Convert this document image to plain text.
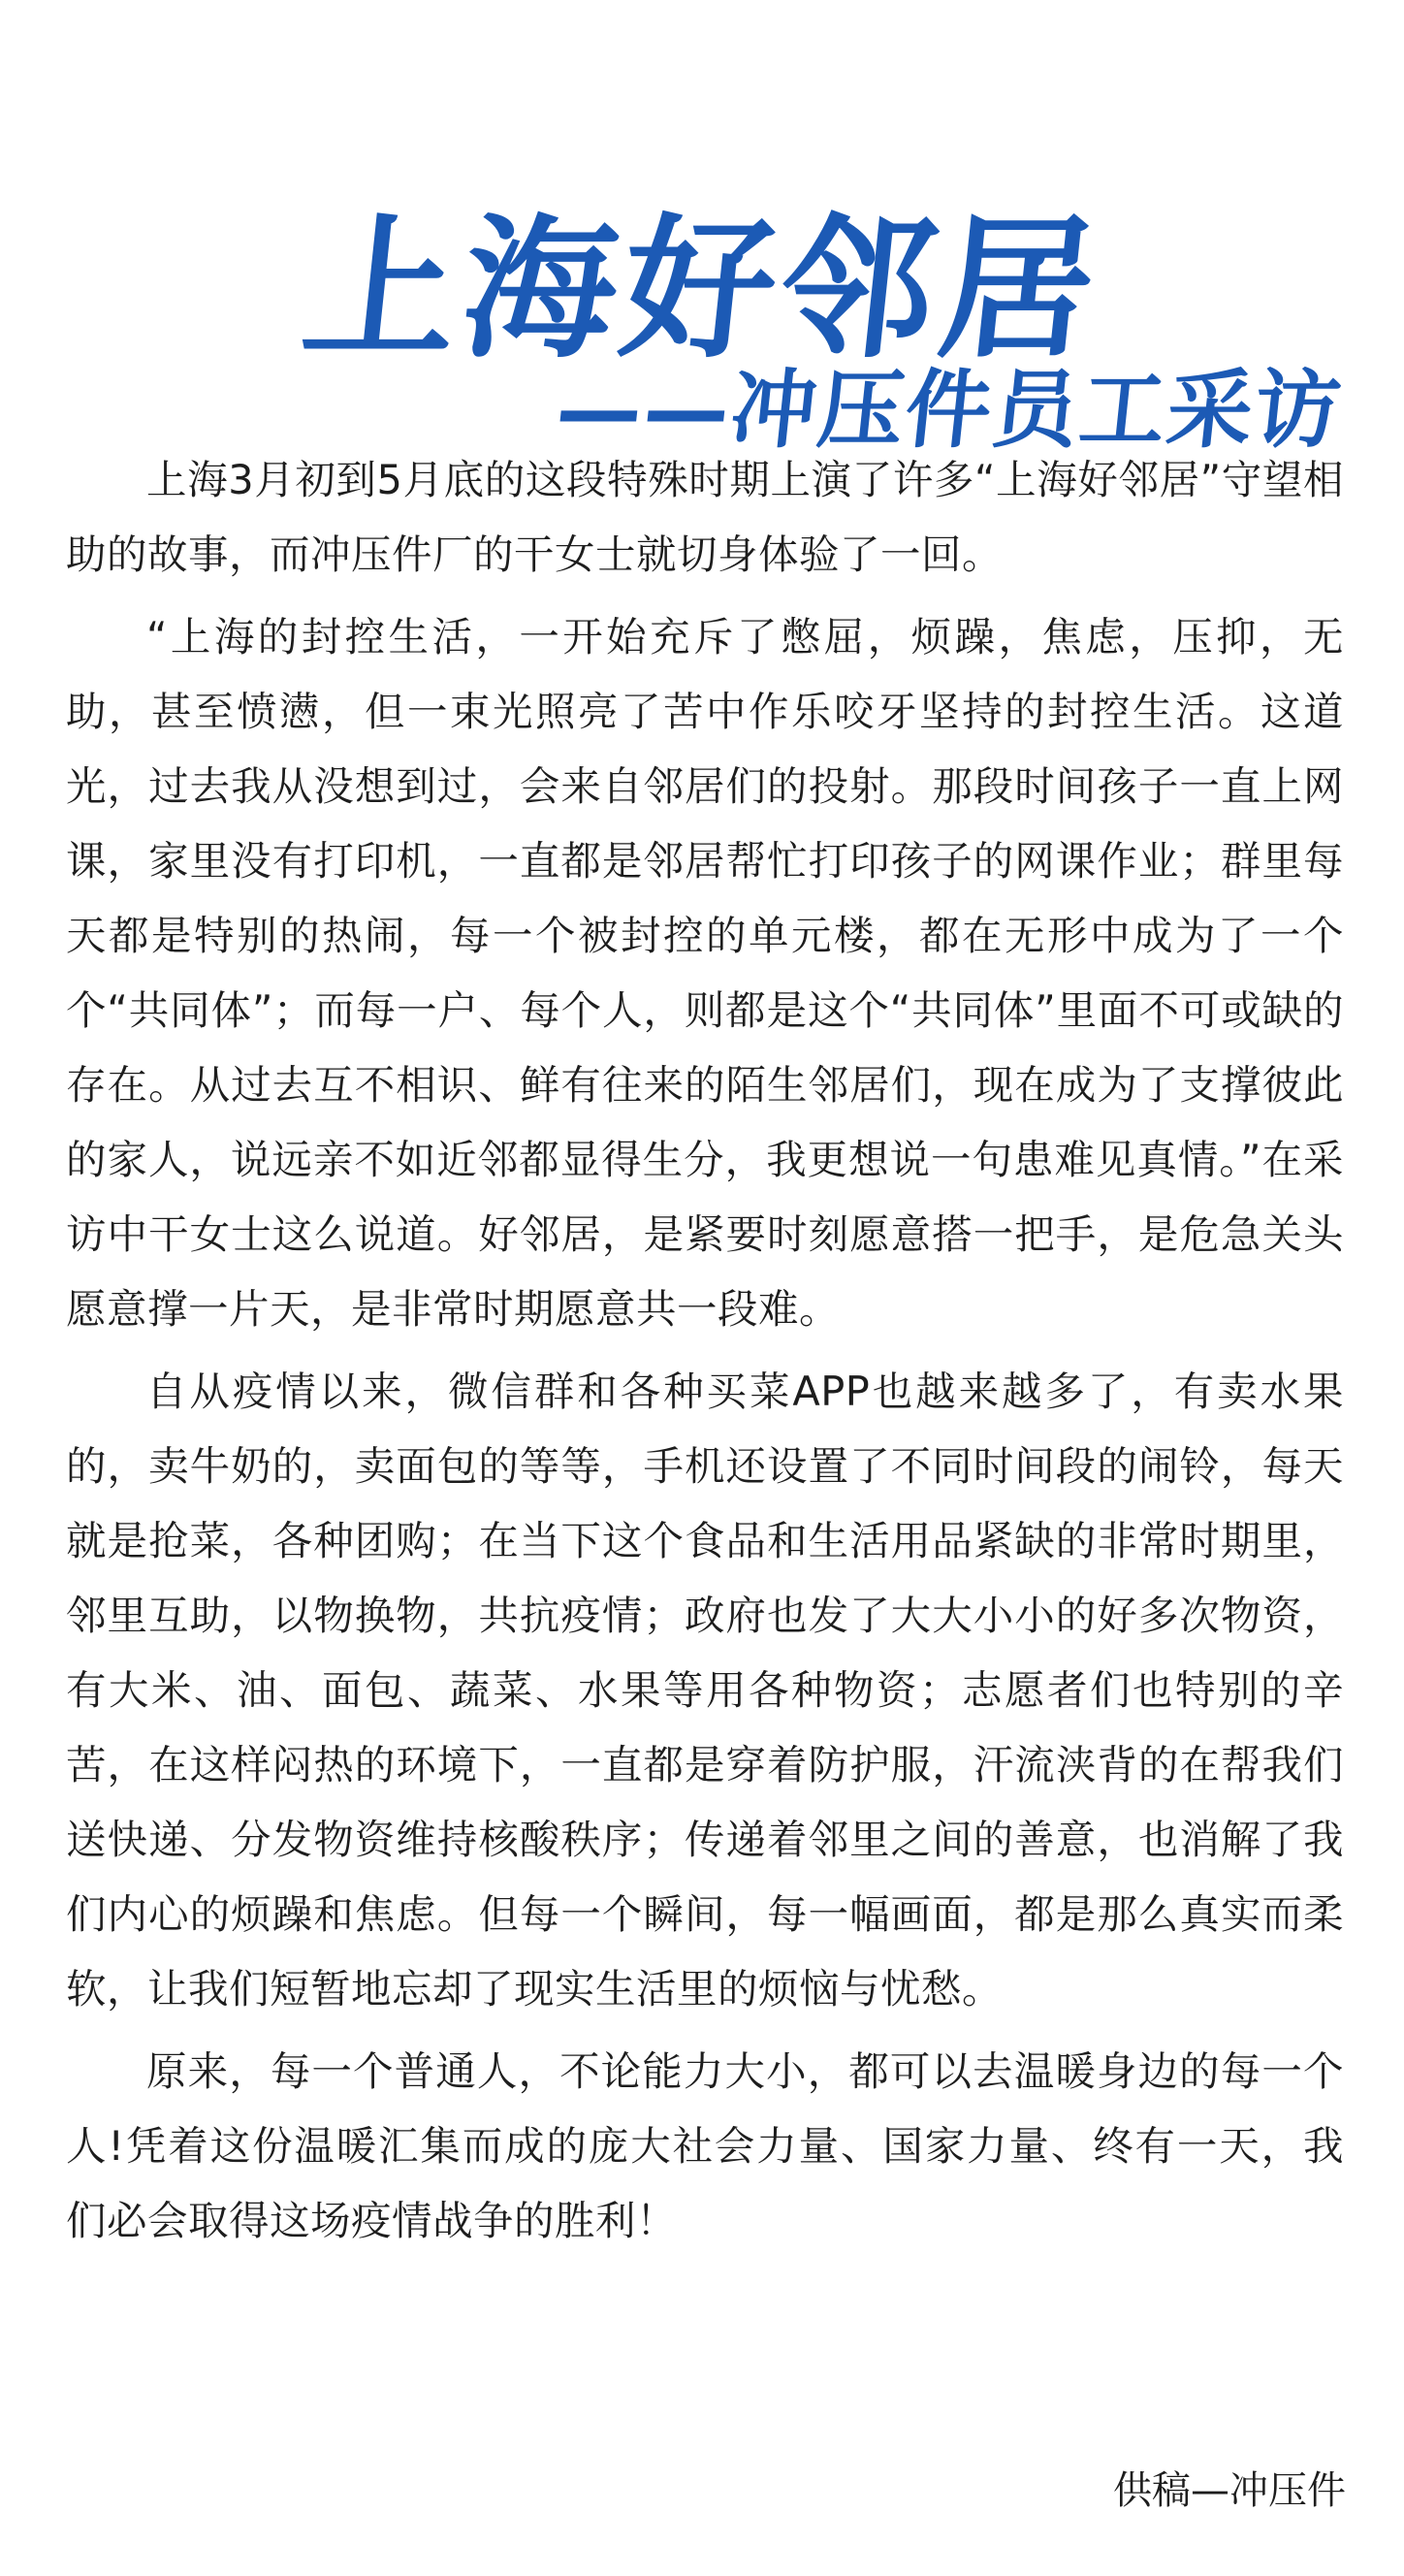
上海好邻居
——冲压件员工采访

上海3月初到5月底的这段特殊时期上演了许多“上海好邻居”守望相助的故事，而冲压件厂的干女士就切身体验了一回。

“上海的封控生活，一开始充斥了憋屈，烦躁，焦虑，压抑，无助，甚至愤懑，但一束光照亮了苦中作乐咬牙坚持的封控生活。这道光，过去我从没想到过，会来自邻居们的投射。那段时间孩子一直上网课，家里没有打印机，一直都是邻居帮忙打印孩子的网课作业；群里每天都是特别的热闹，每一个被封控的单元楼，都在无形中成为了一个个“共同体”；而每一户、每个人，则都是这个“共同体”里面不可或缺的存在。从过去互不相识、鲜有往来的陌生邻居们，现在成为了支撑彼此的家人，说远亲不如近邻都显得生分，我更想说一句患难见真情。”在采访中干女士这么说道。好邻居，是紧要时刻愿意搭一把手，是危急关头愿意撑一片天，是非常时期愿意共一段难。

自从疫情以来，微信群和各种买菜APP也越来越多了，有卖水果的，卖牛奶的，卖面包的等等，手机还设置了不同时间段的闹铃，每天就是抢菜，各种团购；在当下这个食品和生活用品紧缺的非常时期里，邻里互助，以物换物，共抗疫情；政府也发了大大小小的好多次物资，有大米、油、面包、蔬菜、水果等用各种物资；志愿者们也特别的辛苦，在这样闷热的环境下，一直都是穿着防护服，汗流浃背的在帮我们送快递、分发物资维持核酸秩序；传递着邻里之间的善意，也消解了我们内心的烦躁和焦虑。但每一个瞬间，每一幅画面，都是那么真实而柔软，让我们短暂地忘却了现实生活里的烦恼与忧愁。

原来，每一个普通人，不论能力大小，都可以去温暖身边的每一个人!凭着这份温暖汇集而成的庞大社会力量、国家力量、终有一天，我们必会取得这场疫情战争的胜利！

供稿—冲压件
